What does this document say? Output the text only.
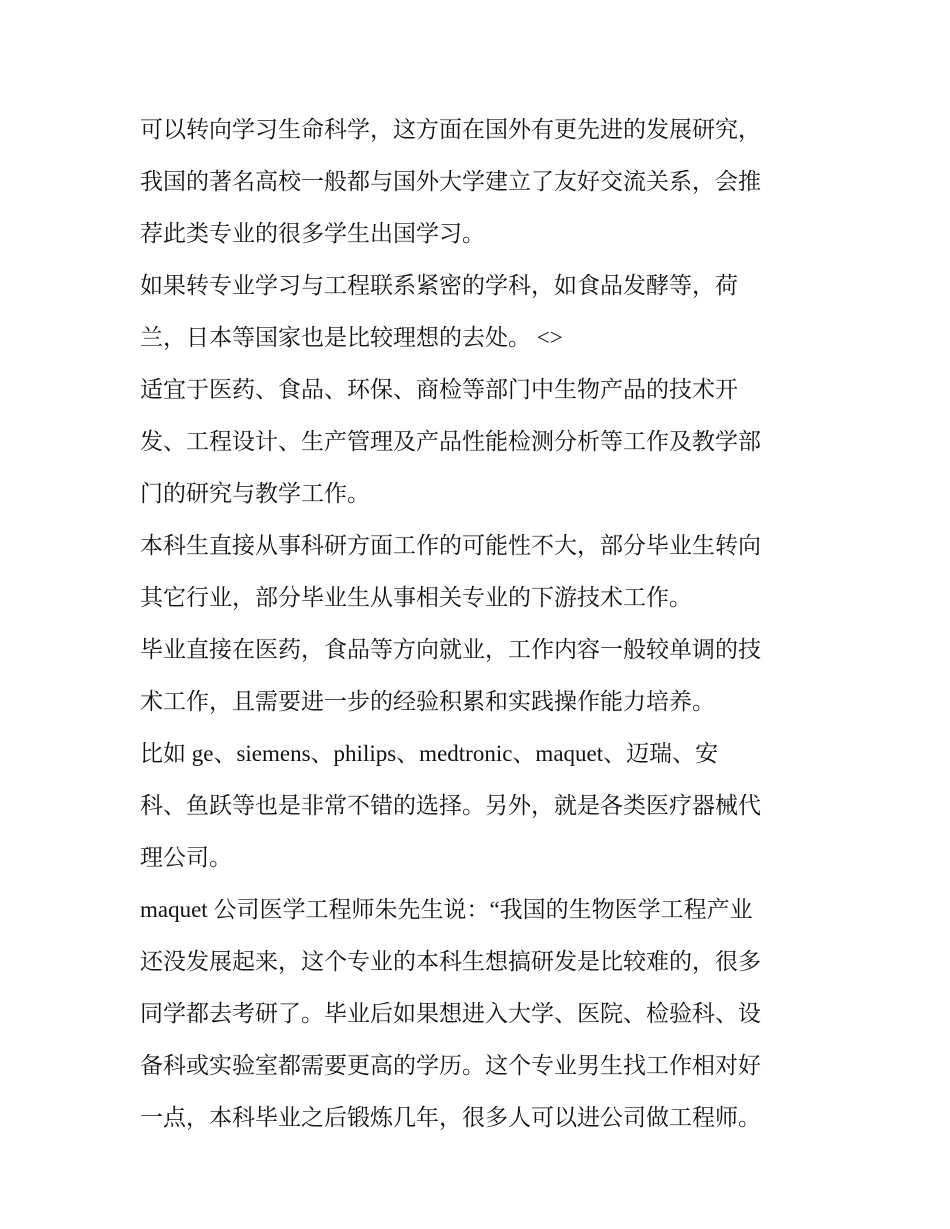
可以转向学习生命科学，这方面在国外有更先进的发展研究，
我国的著名高校一般都与国外大学建立了友好交流关系，会推
荐此类专业的很多学生出国学习。

如果转专业学习与工程联系紧密的学科，如食品发酵等，荷
兰，日本等国家也是比较理想的去处。 <>

适宜于医药、食品、环保、商检等部门中生物产品的技术开
发、工程设计、生产管理及产品性能检测分析等工作及教学部
门的研究与教学工作。

本科生直接从事科研方面工作的可能性不大，部分毕业生转向
其它行业，部分毕业生从事相关专业的下游技术工作。

毕业直接在医药，食品等方向就业，工作内容一般较单调的技
术工作，且需要进一步的经验积累和实践操作能力培养。

比如 ge、siemens、philips、medtronic、maquet、迈瑞、安
科、鱼跃等也是非常不错的选择。另外，就是各类医疗器械代
理公司。

maquet 公司医学工程师朱先生说：“我国的生物医学工程产业
还没发展起来，这个专业的本科生想搞研发是比较难的，很多
同学都去考研了。毕业后如果想进入大学、医院、检验科、设
备科或实验室都需要更高的学历。这个专业男生找工作相对好
一点，本科毕业之后锻炼几年，很多人可以进公司做工程师。
